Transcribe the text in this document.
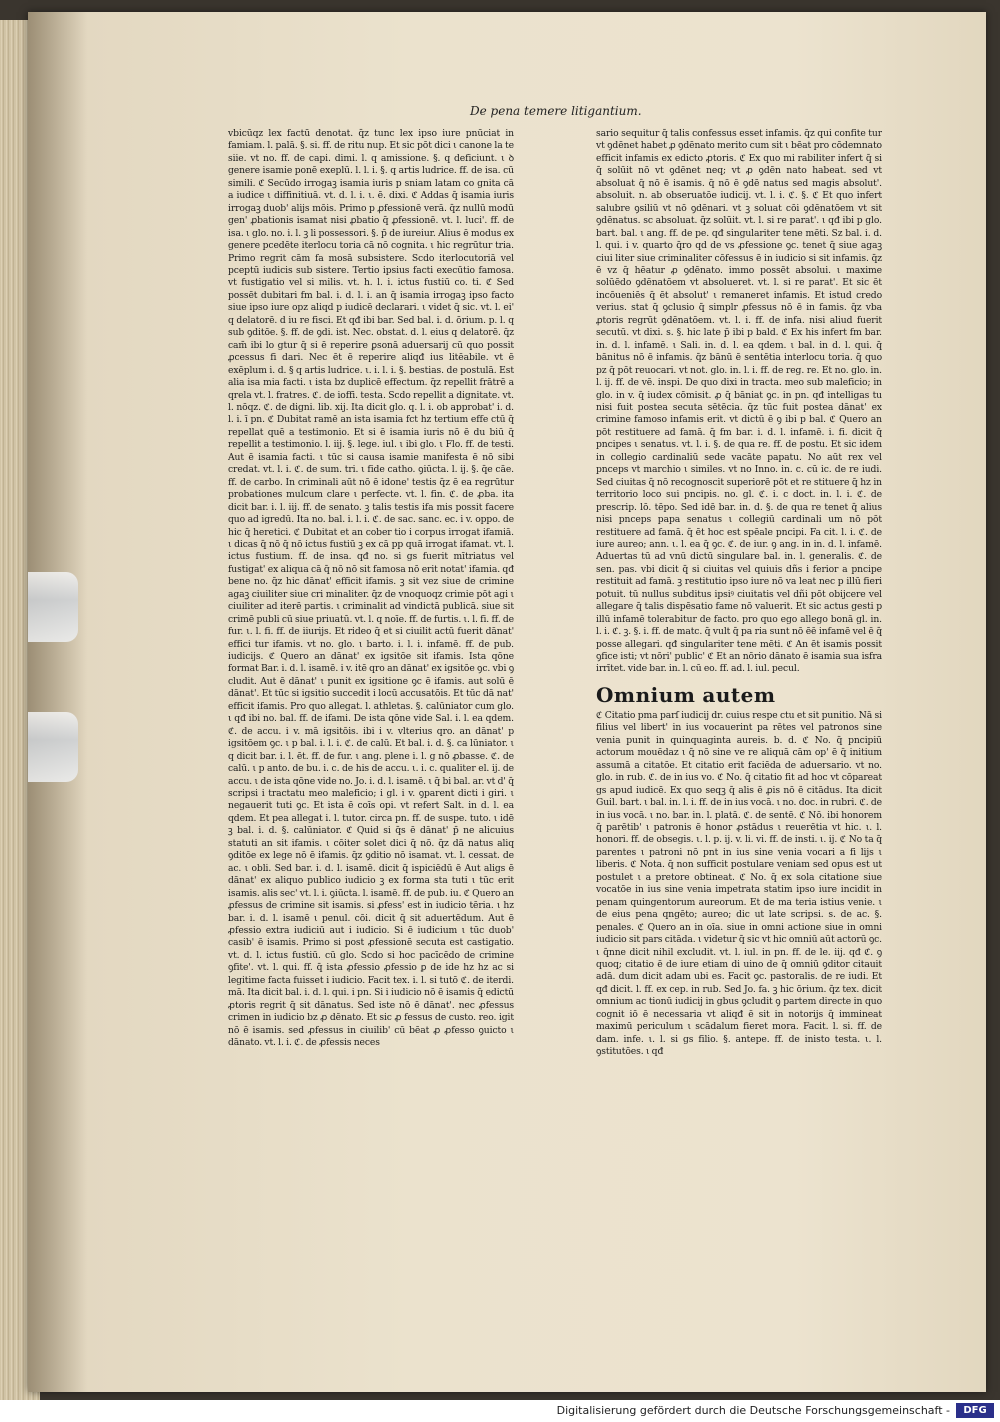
De pena temere litigantium.

vbicūqz lex factū denotat. q̄z tunc lex ipso iure pnūciat in famiam. l. palā. §. si. ff. de ritu nup. Et sic pōt dici ι canone la te siie. vt no. ff. de capi. dimi. l. q amissione. §. q deficiunt. ι ꝺ genere isamie ponē exeplū. l. l. i. §. q artis ludrice. ff. de isa. cū simili. ℭ Secūdo irrogaꝫ isamia iuris p sniam latam co gnita cā a iudice ι diffinitiuā. vt. d. l. i. ι. ē. dixi. ℭ Addas q̄ isamia iuris irrogaꝫ duob' alijs mōis. Primo p ꝓfessionē verā. q̄z nullū modū gen' ꝓbationis isamat nisi ꝓbatio q̄ ꝓfessionē. vt. l. luci'. ff. de isa. ι glo. no. i. l. ꝫ li possessori. §. p̄ de iureiur. Alius ē modus ex genere pcedēte iterlocu toria cā nō cognita. ι hic regrūtur tria. Primo regrit cām fa mosā subsistere. Scdo iterlocutoriā vel pceptū iudicis sub sistere. Tertio ipsius facti execūtio famosa. vt fustigatio vel si milis. vt. h. l. i. ictus fustiū co. ti. ℭ Sed possēt dubitari fm bal. i. d. l. i. an q̄ isamia irrogaꝫ ipso facto siue ipso iure opz aliqd p iudicē declarari. ι videt q̄ sic. vt. l. ei' q delatorē. d iu re fisci. Et qđ ibi bar. Sed bal. i. d. ōrium. p. l. q sub ꝯditōe. §. ff. de ꝯdi. ist. Nec. obstat. d. l. eius q delatorē. q̄z cam̄ ibi lo gtur q̄ si ē reperire ꝑsonā aduersarij cū quo possit ꝓcessus fi dari. Nec ēt ē reperire aliqđ ius litēabile. vt ē exēplum i. d. § q artis ludrice. ι. i. l. i. §. bestias. de postulā. Est alia isa mia facti. ι ista bz duplicē effectum. q̄z repellit frātrē a qrela vt. l. fratres. ℭ. de ioffi. testa. Scdo repellit a dignitate. vt. l. nōqz. ℭ. de digni. lib. xij. Ita dicit glo. q. l. i. ob approbat' i. d. l. i. ī pn. ℭ Dubitat ramē an ista isamia fct hz tertium effe ctū q̄ repellat quē a testimonio. Et si ē isamia iuris nō ē du biū q̄ repellit a testimonio. l. iij. §. lege. iul. ι ibi glo. ι Flo. ff. de testi. Aut ē isamia facti. ι tūc si causa isamie manifesta ē nō sibi credat. vt. l. i. ℭ. de sum. tri. ι fide catho. ꝯiūcta. l. ij. §. q̄e cāe. ff. de carbo. In criminali aūt nō ē idone' testis q̄z ē ea regrūtur probationes mulcum clare ι perfecte. vt. l. fin. ℭ. de ꝓba. ita dicit bar. i. l. iij. ff. de senato. ꝫ talis testis ifa mis possit facere quo ad igredū. Ita no. bal. i. l. i. ℭ. de sac. sanc. ec. i v. oppo. de hic q̄ heretici. ℭ Dubitat et an cober tio i corpus irrogat ifamiā. ι dicas q̄ nō q̄ nō ictus fustiū ꝫ ex cā pp quā irrogat ifamat. vt. l. ictus fustium. ff. de insa. qđ no. si gs fuerit mītriatus vel fustigat' ex aliqua cā q̄ nō nō sit famosa nō erit notat' ifamia. qđ bene no. q̄z hic dānat' efficit ifamis. ꝫ sit vez siue de crimine agaꝫ ciuiliter siue cri minaliter. q̄z de vnoquoqz crimie pōt agi ι ciuiliter ad iterē partis. ι criminalit ad vindictā publicā. siue sit crimē publi cū siue priuatū. vt. l. q noīe. ff. de furtis. ι. l. fi. ff. de fur. ι. l. fi. ff. de iiurijs. Et rideo q̄ et si ciuilit actū fuerit dānat' effici tur ifamis. vt no. glo. ι barto. i. l. i. infamē. ff. de pub. iudicijs. ℭ Quero an dānat' ex igsitōe sit ifamis. Ista qōne format Bar. i. d. l. isamē. i v. itē qro an dānat' ex igsitōe ꝯc. vbi ꝯ cludit. Aut ē dānat' ι punit ex igsitione ꝯc ē ifamis. aut solū ē dānat'. Et tūc si igsitio succedit i locū accusatōis. Et tūc dā nat' efficit ifamis. Pro quo allegat. l. athletas. §. calūniator cum glo. ι qđ ibi no. bal. ff. de ifami. De ista qōne vide Sal. i. l. ea qdem. ℭ. de accu. i v. mā igsitōis. ibi i v. vlterius qro. an dānat' p igsitōem ꝯc. ι p bal. i. l. i. ℭ. de calū. Et bal. i. d. §. ca lūniator. ι q dicit bar. i. l. ēt. ff. de fur. ι ang. plene i. l. g nō ꝓbasse. ℭ. de calū. ι p anto. de bu. i. c. de his de accu. ι. i. c. qualiter el. ij. de accu. ι de ista qōne vide no. Jo. i. d. l. isamē. ι q̄ bi bal. ar. vt d' q̄ scripsi i tractatu meo maleficio; i gl. i v. ꝯparent dicti i giri. ι negauerit tuti ꝯc. Et ista ē coīs opi. vt refert Salt. in d. l. ea qdem. Et pea allegat i. l. tutor. circa pn. ff. de suspe. tuto. ι idē ꝫ bal. i. d. §. calūniator. ℭ Quid si q̄s ē dānat' p̄ ne alicuius statuti an sit ifamis. ι cōiter solet dici q̄ nō. q̄z dā natus aliq ꝯditōe ex lege nō ē ifamis. q̄z ꝯditio nō isamat. vt. l. cessat. de ac. ι obli. Sed bar. i. d. l. isamē. dicit q̄ ispiciēdū ē Aut aligs ē dānat' ex aliquo publico iudicio ꝫ ex forma sta tuti ι tūc erit isamis. alis sec' vt. l. i. ꝯiūcta. l. isamē. ff. de pub. iu. ℭ Quero an ꝓfessus de crimine sit isamis. si ꝓfess' est in iudicio tēria. ι hz bar. i. d. l. isamē ι penul. cōi. dicit q̄ sit aduertēdum. Aut ē ꝓfessio extra iudiciū aut i iudicio. Si ē iudicium ι tūc duob' casib' ē isamis. Primo si post ꝓfessionē secuta est castigatio. vt. d. l. ictus fustiū. cū glo. Scdo si hoc pacīcēdo de crimine ꝯfite'. vt. l. qui. ff. q̄ ista ꝓfessio ꝓfessio ꝑ de ide hz hz ac si legitime facta fuisset i iudicio. Facit tex. i. l. si tutō ℭ. de iterdi. mā. Ita dicit bal. i. d. l. qui. i pn. Si i iudicio nō ē isamis q̄ edictū ꝓtoris regrit q̄ sit dānatus. Sed iste nō ē dānat'. nec ꝓfessus crimen in iudicio bz ꝓ dēnato. Et sic ꝓ fessus de custo. reo. igit nō ē isamis. sed ꝓfessus in ciuilib' cū bēat ꝓ ꝓfesso ꝯuicto ι dānato. vt. l. i. ℭ. de ꝓfessis neces

sario sequitur q̄ talis confessus esset infamis. q̄z qui confite tur vt ꝯdēnet habet ꝓ ꝯdēnato merito cum sit ι bēat pro cōdemnato efficit infamis ex edicto ꝓtoris. ℭ Ex quo mi rabiliter infert q̄ si q̄ solūit nō vt ꝯdēnet neq; vt ꝓ ꝯdēn nato habeat. sed vt absoluat q̄ nō ē isamis. q̄ nō ē ꝯdē natus sed magis absolut'. absoluit. n. ab obseruatōe iudicij. vt. l. i. ℭ. §. ℭ Et quo infert salubre ꝯsiliū vt nō ꝯdēnari. vt ꝫ soluat cōi ꝯdēnatōem vt sit ꝯdēnatus. sc absoluat. q̄z solūit. vt. l. si re parat'. ι qđ ibi p glo. bart. bal. ι ang. ff. de pe. qđ singulariter tene mēti. Sz bal. i. d. l. qui. i v. quarto q̄ro qd de vs ꝓfessione ꝯc. tenet q̄ siue agaꝫ ciui liter siue criminaliter cōfessus ē in iudicio si sit infamis. q̄z ē vz q̄ hēatur ꝓ ꝯdēnato. immo possēt absolui. ι maxime solūēdo ꝯdēnatōem vt absolueret. vt. l. si re parat'. Et sic ēt incōueniēs q̄ ēt absolut' ι remaneret infamis. Et istud credo verius. stat q̄ ꝯclusio q̄ simplr ꝓfessus nō ē in famis. q̄z vba ꝓtoris regrūt ꝯdēnatōem. vt. l. i. ff. de infa. nisi aliud fuerit secutū. vt dixi. s. §. hic late p̄ ibi p bald. ℭ Ex his infert fm bar. in. d. l. infamē. ι Sali. in. d. l. ea qdem. ι bal. in d. l. qui. q̄ bānitus nō ē infamis. q̄z bānū ē sentētia interlocu toria. q̄ quo pz q̄ pōt reuocari. vt not. glo. in. l. i. ff. de reg. re. Et no. glo. in. l. ij. ff. de vē. inspi. De quo dixi in tracta. meo sub maleficio; in glo. in v. q̄ iudex cōmisit. ꝓ q̄ bāniat ꝯc. in pn. qđ intelligas tu nisi fuit postea secuta sētēcia. q̄z tūc fuit postea dānat' ex crimine famoso infamis erit. vt dictū ē ꝯ ibi p bal. ℭ Quero an pōt restituere ad famā. q̄ fm bar. i. d. l. infamē. i. fi. dicit q̄ pncipes ι senatus. vt. l. i. §. de qua re. ff. de postu. Et sic idem in collegio cardinaliū sede vacāte papatu. No aūt rex vel pnceps vt marchio ι similes. vt no Inno. in. c. cū ic. de re iudi. Sed ciuitas q̄ nō recognoscit superiorē pōt et re stituere q̄ hz in territorio loco sui pncipis. no. gl. ℭ. i. c doct. in. l. i. ℭ. de prescrip. lō. tēpo. Sed idē bar. in. d. §. de qua re tenet q̄ alius nisi pnceps papa senatus ι collegiū cardinali um nō pōt restituere ad famā. q̄ ēt hoc est spēale pncipi. Fa cit. l. i. ℭ. de iure aureo; ann. ι. l. ea q̄ ꝯc. ℭ. de iur. ꝯ ang. in in. d. l. infamē. Aduertas tū ad vnū dictū singulare bal. in. l. generalis. ℭ. de sen. pas. vbi dicit q̄ si ciuitas vel quiuis dñs i ferior a pncipe restituit ad famā. ꝫ restitutio ipso iure nō va leat nec p illū fieri potuit. tū nullus subditus ipsiꝰ ciuitatis vel dñi pōt obijcere vel allegare q̄ talis dispēsatio fame nō valuerit. Et sic actus gesti p illū infamē tolerabitur de facto. pro quo ego allego bonā gl. in. l. i. ℭ. ꝫ. §. i. ff. de matc. q̄ vult q̄ pa ria sunt nō ēē infamē vel ē q̄ posse allegari. qđ singulariter tene mēti. ℭ An ēt isamis possit ꝯfice isti; vt nōri' public' ℭ Et an nōrio dānato ē isamia sua isfra irrītet. vide bar. in. l. cū eo. ff. ad. l. iul. pecul.

Omnium autem

ℭ Citatio pma parſ iudicij dr. cuius respe ctu et sit punitio. Nā si filius vel libert' in ius vocauerint pa rētes vel patronos sine venia punit in quinquaginta aureis. b. d. ℭ No. q̄ pncipiū actorum mouēdaz ι q̄ nō sine ve re aliquā cām op' ē q̄ initium assumā a citatōe. Et citatio erit faciēda de aduersario. vt no. glo. in rub. ℭ. de in ius vo. ℭ No. q̄ citatio fit ad hoc vt cōpareat gs apud iudicē. Ex quo seqꝫ q̄ alis ē ꝓis nō ē citādus. Ita dicit Guil. bart. ι bal. in. l. i. ff. de in ius vocā. ι no. doc. in rubri. ℭ. de in ius vocā. ι no. bar. in. l. platā. ℭ. de sentē. ℭ Nō. ibi honorem q̄ parētib' ι patronis ē honor ꝓstādus ι reuerētia vt hic. ι. l. honori. ff. de obsegis. ι. l. p. ij. v. li. vi. ff. de insti. ι. ij. ℭ No ta q̄ parentes ι patroni nō pnt in ius sine venia vocari a fi lijs ι liberis. ℭ Nota. q̄ non sufficit postulare veniam sed opus est ut postulet ι a pretore obtineat. ℭ No. q̄ ex sola citatione siue vocatōe in ius sine venia impetrata statim ipso iure incidit in penam quingentorum aureorum. Et de ma teria istius venie. ι de eius pena qngēto; aureo; dic ut late scripsi. s. de ac. §. penales. ℭ Quero an in oīa. siue in omni actione siue in omni iudicio sit pars citāda. ι videtur q̄ sic vt hic omniū aūt actorū ꝯc. ι q̄nne dicit nihil excludit. vt. l. iul. in pn. ff. de le. iij. qđ ℭ. ꝯ quoq; citatio ē de iure etiam di uino de q̄ omniū ꝯditor citauit adā. dum dicit adam ubi es. Facit ꝯc. pastoralis. de re iudi. Et qđ dicit. l. ff. ex cep. in rub. Sed Jo. fa. ꝫ hic ōrium. q̄z tex. dicit omnium ac tionū iudicij in gbus ꝯcludit ꝯ partem directe in quo cognit iō ē necessaria vt aliqđ ē sit in notorijs q̄ immineat maximū periculum ι scādalum fieret mora. Facit. l. si. ff. de dam. infe. ι. l. si gs filio. §. antepe. ff. de inisto testa. ι. l. ꝯstitutōes. ι qđ

Digitalisierung gefördert durch die Deutsche Forschungsgemeinschaft -	DFG
